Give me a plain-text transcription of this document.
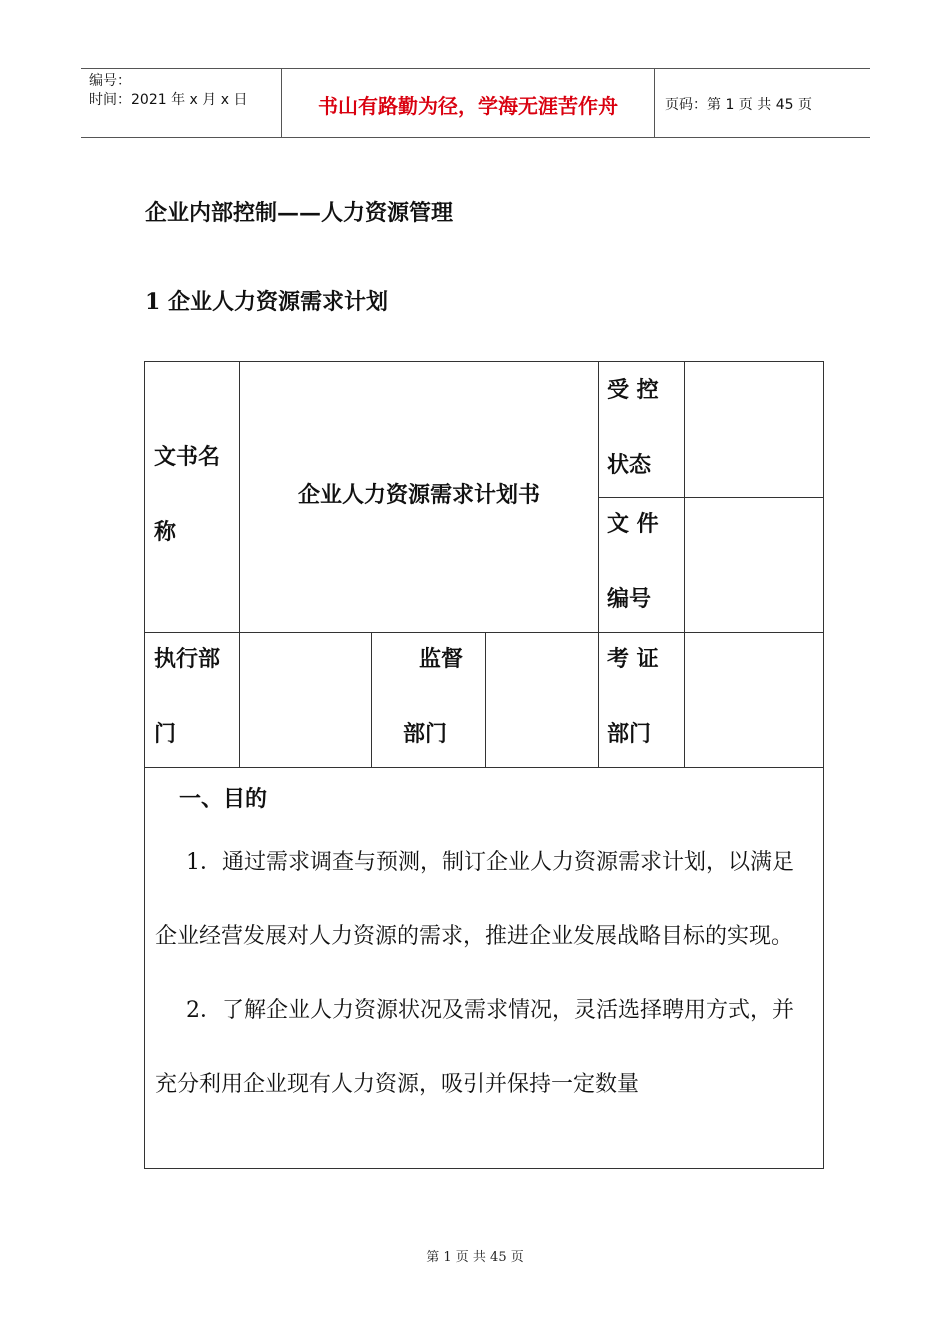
编号：
时间：2021 年 x 月 x 日	书山有路勤为径，学海无涯苦作舟	页码：第 1 页 共 45 页
企业内部控制——人力资源管理
1 企业人力资源需求计划
文书名
称
企业人力资源需求计划书
受 控
状态
文 件
编号
执行部
门
监督
部门
考 证
部门
一、目的

1．通过需求调查与预测，制订企业人力资源需求计划，以满足企业经营发展对人力资源的需求，推进企业发展战略目标的实现。

2．了解企业人力资源状况及需求情况，灵活选择聘用方式，并充分利用企业现有人力资源，吸引并保持一定数量

第 1 页 共 45 页
